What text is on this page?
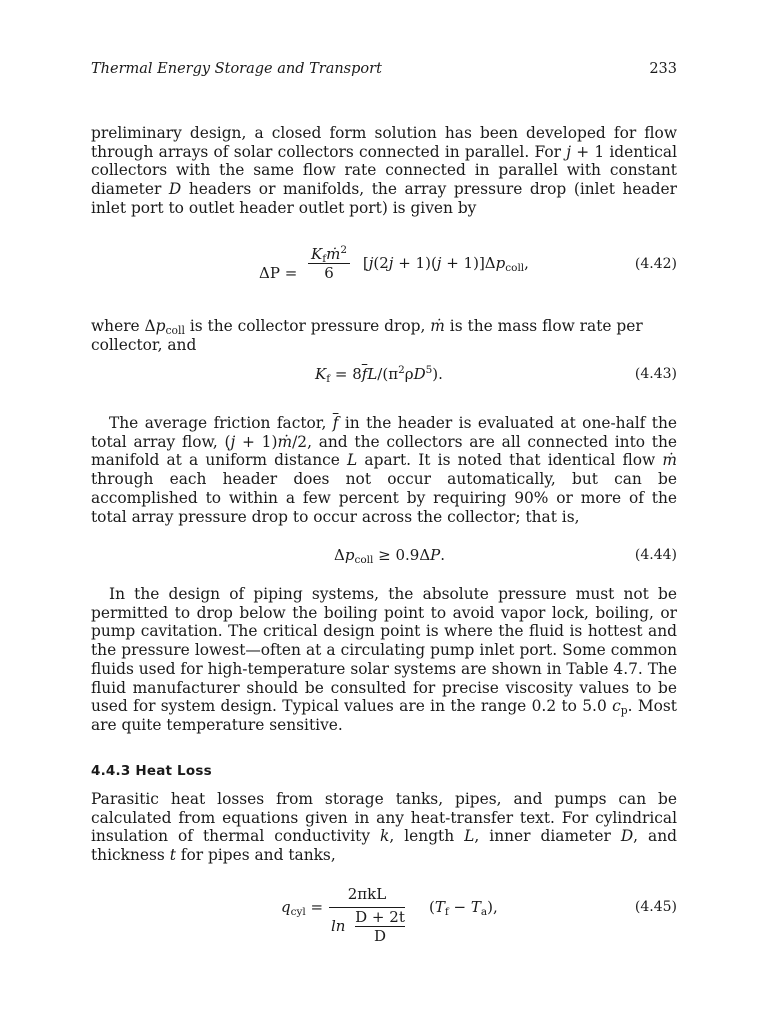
Thermal Energy Storage and Transport	233

preliminary design, a closed form solution has been developed for flow through arrays of solar collectors connected in parallel. For j + 1 identical collectors with the same flow rate connected in parallel with constant diameter D headers or manifolds, the array pressure drop (inlet header inlet port to outlet header outlet port) is given by

$\Delta P = \frac{K_fṁ^2}{6} [j(2j + 1)(j + 1)]\Delta p_{coll}$,	(4.42)

where $\Delta p_{coll}$ is the collector pressure drop, ṁ is the mass flow rate per collector, and

$K_f = 8\overline{f}L/(\pi^2\rho D^5)$.	(4.43)

The average friction factor, $\overline{f}$ in the header is evaluated at one-half the total array flow, (j + 1)ṁ/2, and the collectors are all connected into the manifold at a uniform distance L apart. It is noted that identical flow ṁ through each header does not occur automatically, but can be accomplished to within a few percent by requiring 90% or more of the total array pressure drop to occur across the collector; that is,

$\Delta p_{coll} \ge 0.9\Delta P$.	(4.44)

In the design of piping systems, the absolute pressure must not be permitted to drop below the boiling point to avoid vapor lock, boiling, or pump cavitation. The critical design point is where the fluid is hottest and the pressure lowest—often at a circulating pump inlet port. Some common fluids used for high-temperature solar systems are shown in Table 4.7. The fluid manufacturer should be consulted for precise viscosity values to be used for system design. Typical values are in the range 0.2 to 5.0 $c_p$. Most are quite temperature sensitive.

4.4.3 Heat Loss

Parasitic heat losses from storage tanks, pipes, and pumps can be calculated from equations given in any heat-transfer text. For cylindrical insulation of thermal conductivity k, length L, inner diameter D, and thickness t for pipes and tanks,

$q_{cyl}$ =
2πkL
ln D + 2t
D
$(T_f - T_a)$,	(4.45)
